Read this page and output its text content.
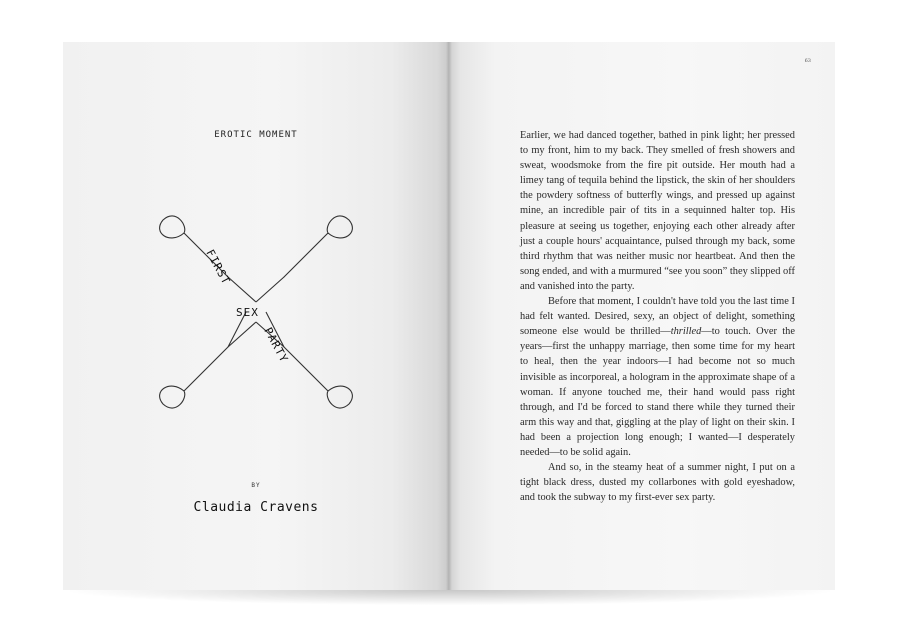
EROTIC MOMENT
FIRST
SEX
PARTY
BY
Claudia Cravens
63

Earlier, we had danced together, bathed in pink light; her pressed to my front, him to my back. They smelled of fresh showers and sweat, woodsmoke from the fire pit outside. Her mouth had a limey tang of tequila behind the lipstick, the skin of her shoulders the powdery softness of butterfly wings, and pressed up against mine, an incredible pair of tits in a sequinned halter top. His pleasure at seeing us together, enjoying each other already after just a couple hours' acquaintance, pulsed through my back, some third rhythm that was neither music nor heartbeat. And then the song ended, and with a murmured “see you soon” they slipped off and vanished into the party.

Before that moment, I couldn't have told you the last time I had felt wanted. Desired, sexy, an object of delight, something someone else would be thrilled—thrilled—to touch. Over the years—first the unhappy marriage, then some time for my heart to heal, then the year indoors—I had become not so much invisible as incorporeal, a hologram in the approximate shape of a woman. If anyone touched me, their hand would pass right through, and I'd be forced to stand there while they turned their arm this way and that, giggling at the play of light on their skin. I had been a projection long enough; I wanted—I desperately needed—to be solid again.

And so, in the steamy heat of a summer night, I put on a tight black dress, dusted my collarbones with gold eyeshadow, and took the subway to my first-ever sex party.
